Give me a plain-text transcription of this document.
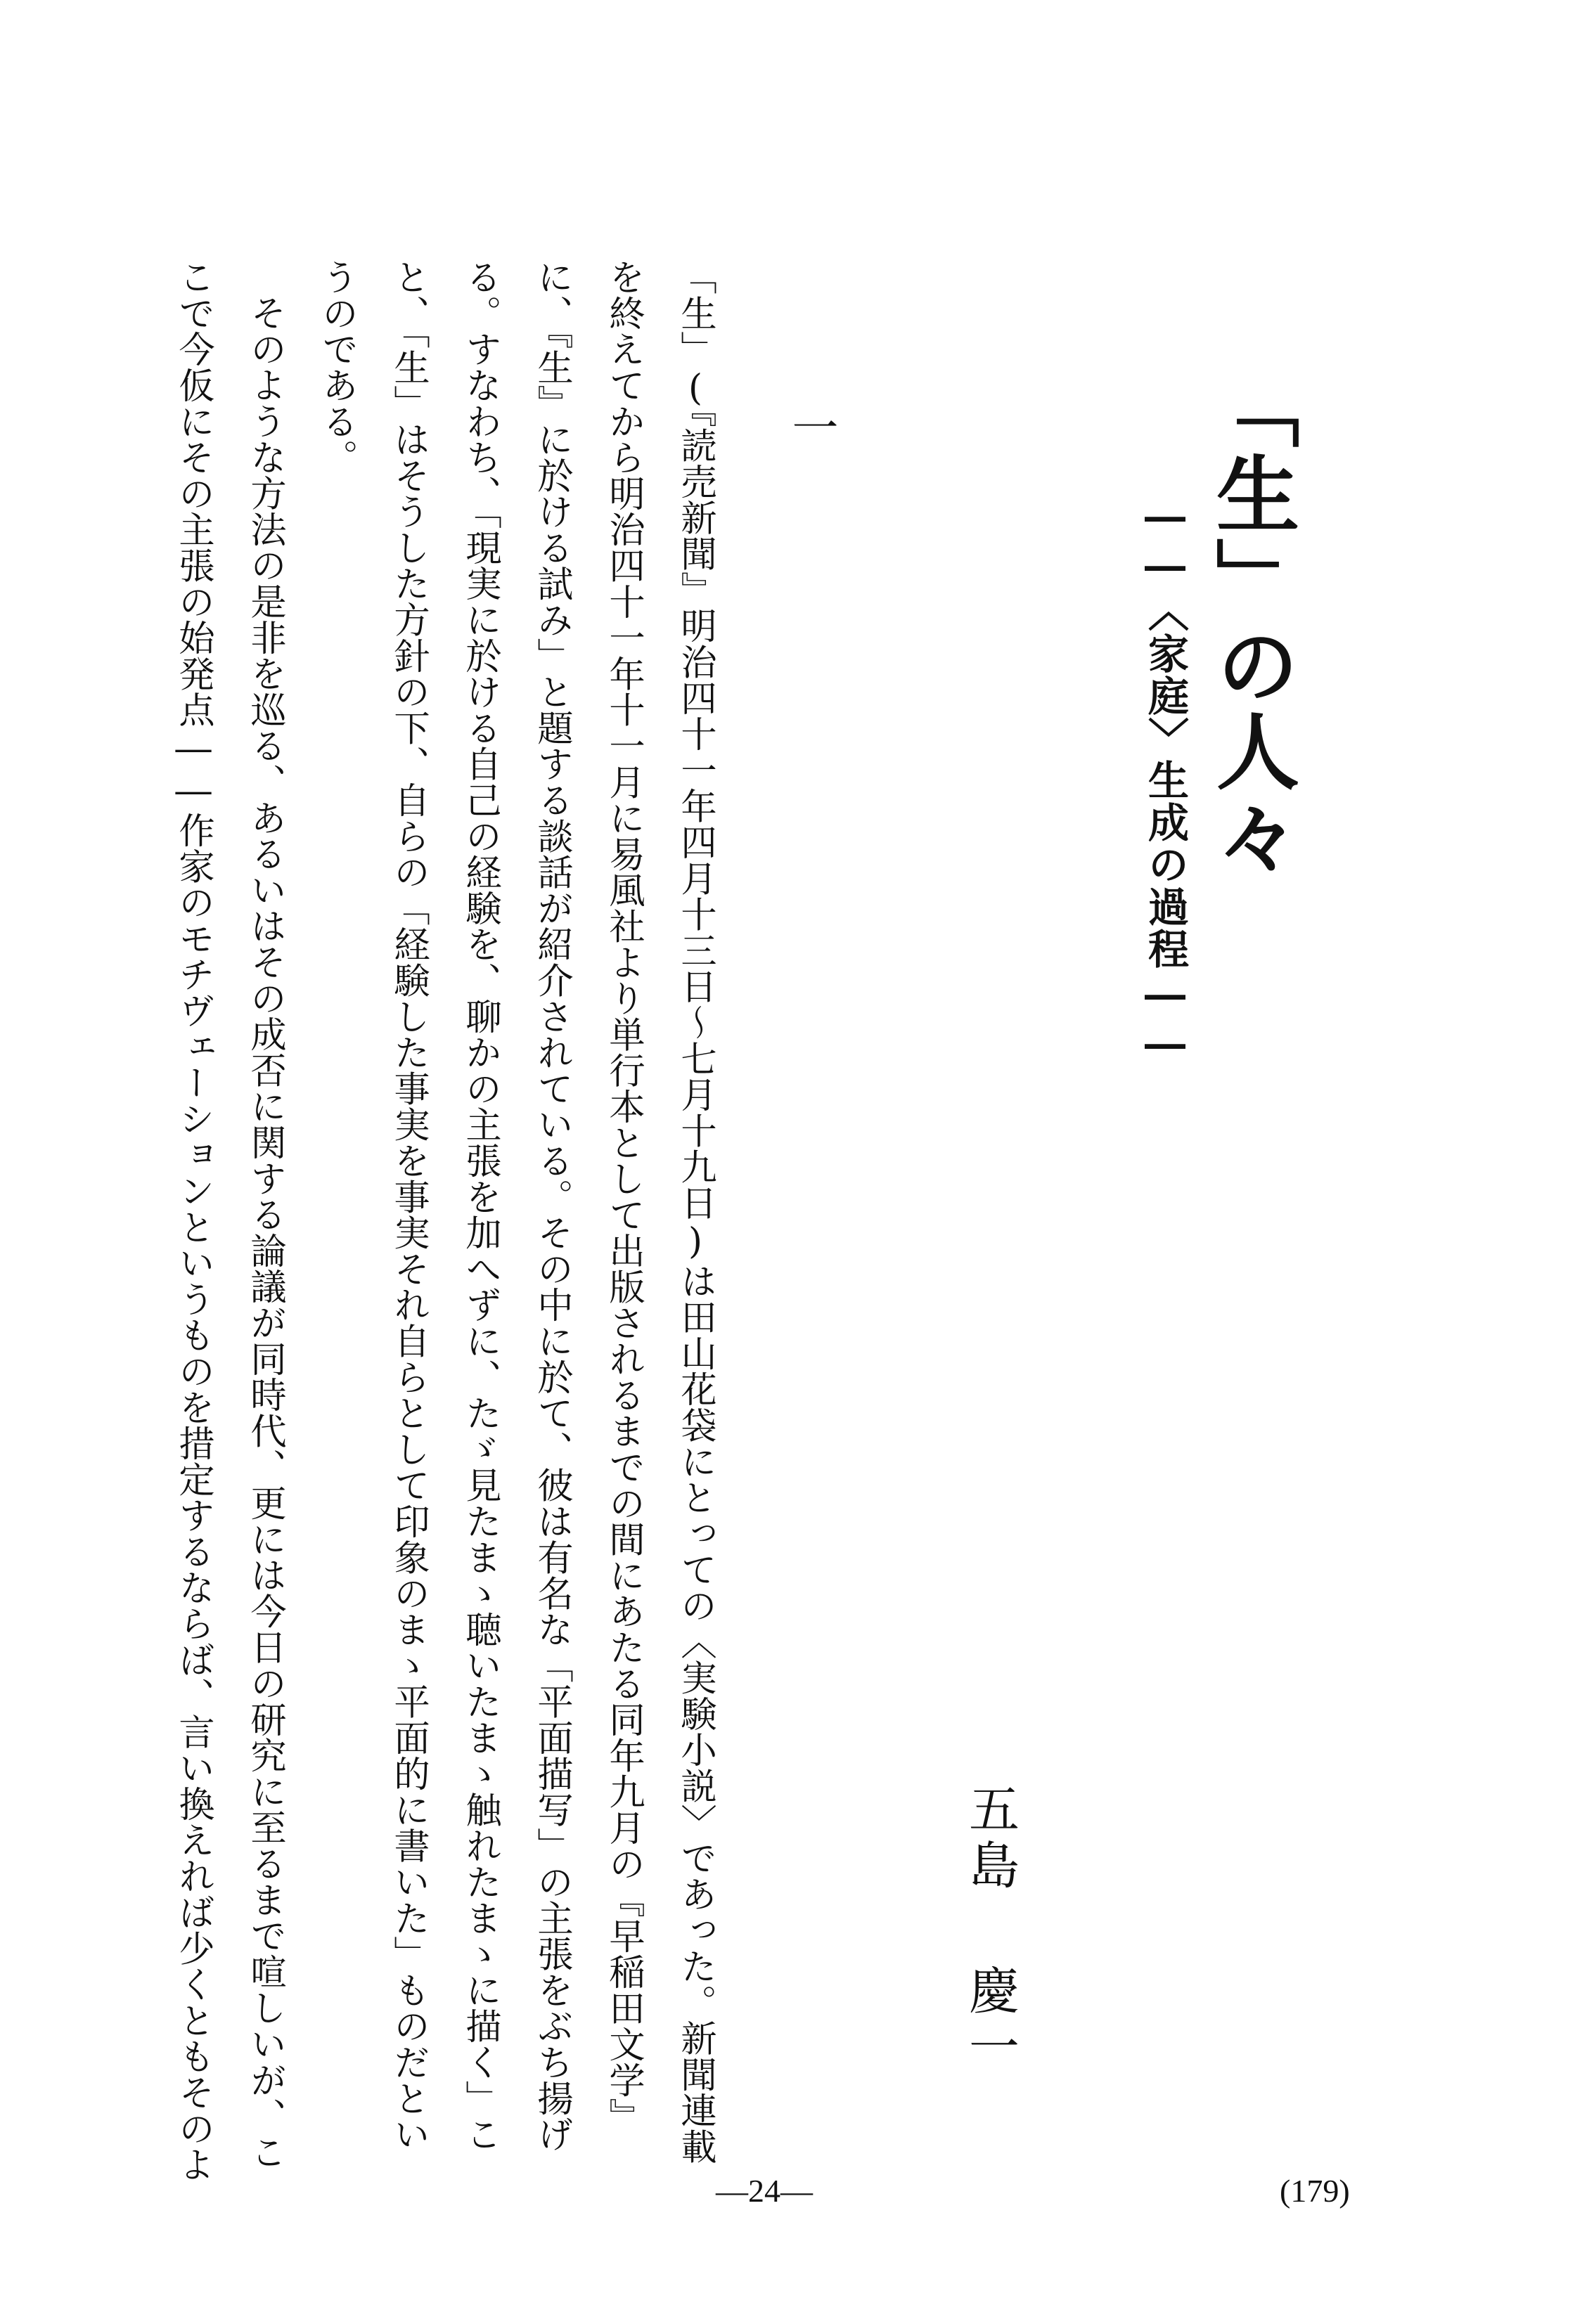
「生」の人々
――〈家庭〉生成の過程――
五島慶一
一

「生」(『読売新聞』明治四十一年四月十三日～七月十九日)は田山花袋にとっての〈実験小説〉であった。新聞連載を終えてから明治四十一年十一月に易風社より単行本として出版されるまでの間にあたる同年九月の『早稲田文学』に、『生』に於ける試み」と題する談話が紹介されている。その中に於て、彼は有名な「平面描写」の主張をぶち揚げる。すなわち、「現実に於ける自己の経験を、聊かの主張を加へずに、たゞ見たまゝ聴いたまゝ触れたまゝに描く」こと、「生」はそうした方針の下、自らの「経験した事実を事実それ自らとして印象のまゝ平面的に書いた」ものだというのである。

そのような方法の是非を巡る、あるいはその成否に関する論議が同時代、更には今日の研究に至るまで喧しいが、ここで今仮にその主張の始発点――作家のモチヴェーションというものを措定するならば、言い換えれば少くともそのよ

―24―	(179)
